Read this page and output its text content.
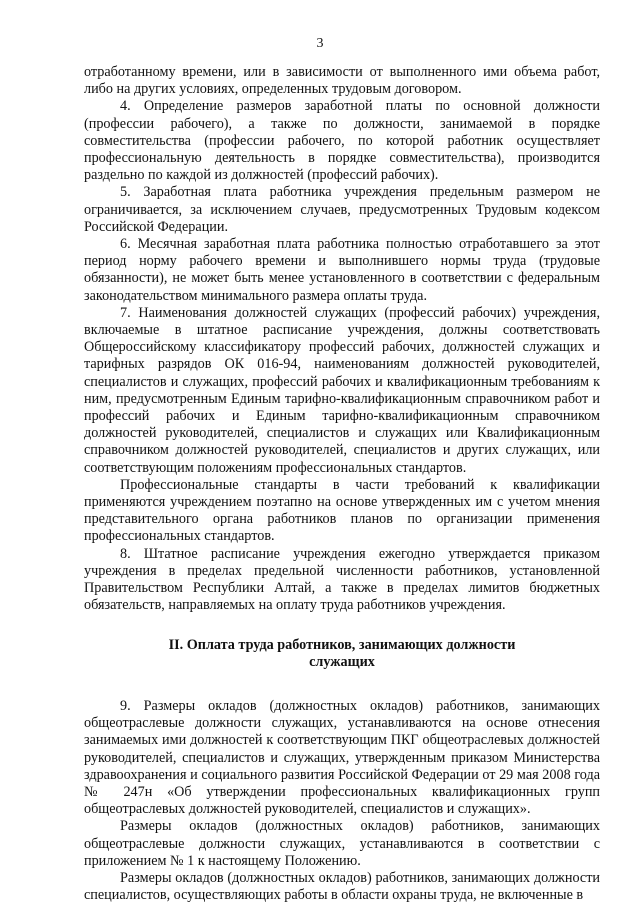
3

отработанному времени, или в зависимости от выполненного ими объема работ, либо на других условиях, определенных трудовым договором.

4. Определение размеров заработной платы по основной должности (профессии рабочего), а также по должности, занимаемой в порядке совместительства (профессии рабочего, по которой работник осуществляет профессиональную деятельность в порядке совместительства), производится раздельно по каждой из должностей (профессий рабочих).

5. Заработная плата работника учреждения предельным размером не ограничивается, за исключением случаев, предусмотренных Трудовым кодексом Российской Федерации.

6. Месячная заработная плата работника полностью отработавшего за этот период норму рабочего времени и выполнившего нормы труда (трудовые обязанности), не может быть менее установленного в соответствии с федеральным законодательством минимального размера оплаты труда.

7. Наименования должностей служащих (профессий рабочих) учреждения, включаемые в штатное расписание учреждения, должны соответствовать Общероссийскому классификатору профессий рабочих, должностей служащих и тарифных разрядов ОК 016-94, наименованиям должностей руководителей, специалистов и служащих, профессий рабочих и квалификационным требованиям к ним, предусмотренным Единым тарифно-квалификационным справочником работ и профессий рабочих и Единым тарифно-квалификационным справочником должностей руководителей, специалистов и служащих или Квалификационным справочником должностей руководителей, специалистов и других служащих, или соответствующим положениям профессиональных стандартов.

Профессиональные стандарты в части требований к квалификации применяются учреждением поэтапно на основе утвержденных им с учетом мнения представительного органа работников планов по организации применения профессиональных стандартов.

8. Штатное расписание учреждения ежегодно утверждается приказом учреждения в пределах предельной численности работников, установленной Правительством Республики Алтай, а также в пределах лимитов бюджетных обязательств, направляемых на оплату труда работников учреждения.

II. Оплата труда работников, занимающих должности
служащих

9. Размеры окладов (должностных окладов) работников, занимающих общеотраслевые должности служащих, устанавливаются на основе отнесения занимаемых ими должностей к соответствующим ПКГ общеотраслевых должностей руководителей, специалистов и служащих, утвержденным приказом Министерства здравоохранения и социального развития Российской Федерации от 29 мая 2008 года № 247н «Об утверждении профессиональных квалификационных групп общеотраслевых должностей руководителей, специалистов и служащих».

Размеры окладов (должностных окладов) работников, занимающих общеотраслевые должности служащих, устанавливаются в соответствии с приложением № 1 к настоящему Положению.

Размеры окладов (должностных окладов) работников, занимающих должности специалистов, осуществляющих работы в области охраны труда, не включенные в
